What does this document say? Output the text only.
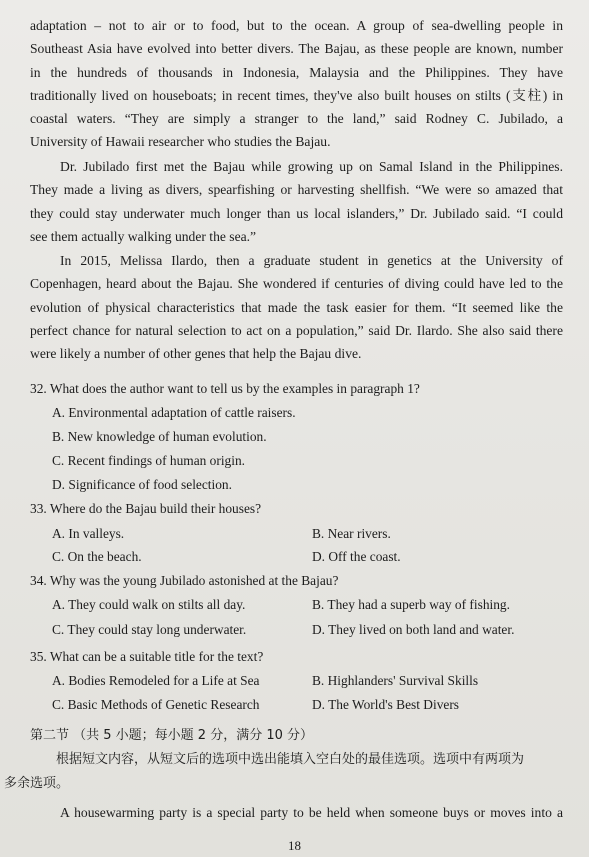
adaptation – not to air or to food, but to the ocean. A group of sea-dwelling people in
Southeast Asia have evolved into better divers. The Bajau, as these people are known, number
in the hundreds of thousands in Indonesia, Malaysia and the Philippines. They have
traditionally lived on houseboats; in recent times, they've also built houses on stilts (支柱) in
coastal waters. “They are simply a stranger to the land,” said Rodney C. Jubilado, a
University of Hawaii researcher who studies the Bajau.
Dr. Jubilado first met the Bajau while growing up on Samal Island in the Philippines.
They made a living as divers, spearfishing or harvesting shellfish. “We were so amazed that
they could stay underwater much longer than us local islanders,” Dr. Jubilado said. “I could
see them actually walking under the sea.”
In 2015, Melissa Ilardo, then a graduate student in genetics at the University of
Copenhagen, heard about the Bajau. She wondered if centuries of diving could have led to the
evolution of physical characteristics that made the task easier for them. “It seemed like the
perfect chance for natural selection to act on a population,” said Dr. Ilardo. She also said there
were likely a number of other genes that help the Bajau dive.
32. What does the author want to tell us by the examples in paragraph 1?
A. Environmental adaptation of cattle raisers.
B. New knowledge of human evolution.
C. Recent findings of human origin.
D. Significance of food selection.
33. Where do the Bajau build their houses?
A. In valleys.	B. Near rivers.
C. On the beach.	D. Off the coast.
34. Why was the young Jubilado astonished at the Bajau?
A. They could walk on stilts all day.	B. They had a superb way of fishing.
C. They could stay long underwater.	D. They lived on both land and water.
35. What can be a suitable title for the text?
A. Bodies Remodeled for a Life at Sea	B. Highlanders' Survival Skills
C. Basic Methods of Genetic Research	D. The World's Best Divers
第二节 （共 5 小题；每小题 2 分，满分 10 分）
根据短文内容，从短文后的选项中选出能填入空白处的最佳选项。选项中有两项为
多余选项。
A housewarming party is a special party to be held when someone buys or moves into a
18
